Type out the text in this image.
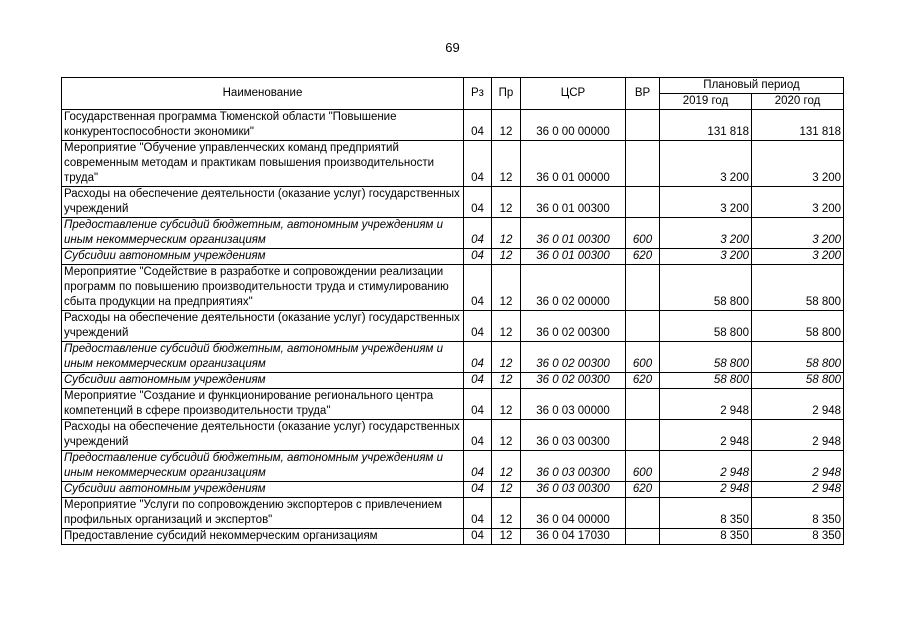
69
Наименование	Рз	Пр	ЦСР	ВР	Плановый период	
					2019 год	2020 год
Государственная программа Тюменской области "Повышение конкурентоспособности экономики"	04	12	36 0 00 00000		131 818	131 818
Мероприятие "Обучение управленческих команд предприятий современным методам и практикам повышения производительности труда"	04	12	36 0 01 00000		3 200	3 200
Расходы на обеспечение деятельности (оказание услуг) государственных учреждений	04	12	36 0 01 00300		3 200	3 200
Предоставление субсидий бюджетным, автономным учреждениям и иным некоммерческим организациям	04	12	36 0 01 00300	600	3 200	3 200
Субсидии автономным учреждениям	04	12	36 0 01 00300	620	3 200	3 200
Мероприятие "Содействие в разработке и сопровождении реализации программ по повышению производительности труда и стимулированию сбыта продукции на предприятиях"	04	12	36 0 02 00000		58 800	58 800
Расходы на обеспечение деятельности (оказание услуг) государственных учреждений	04	12	36 0 02 00300		58 800	58 800
Предоставление субсидий бюджетным, автономным учреждениям и иным некоммерческим организациям	04	12	36 0 02 00300	600	58 800	58 800
Субсидии автономным учреждениям	04	12	36 0 02 00300	620	58 800	58 800
Мероприятие "Создание и функционирование регионального центра компетенций в сфере производительности труда"	04	12	36 0 03 00000		2 948	2 948
Расходы на обеспечение деятельности (оказание услуг) государственных учреждений	04	12	36 0 03 00300		2 948	2 948
Предоставление субсидий бюджетным, автономным учреждениям и иным некоммерческим организациям	04	12	36 0 03 00300	600	2 948	2 948
Субсидии автономным учреждениям	04	12	36 0 03 00300	620	2 948	2 948
Мероприятие "Услуги по сопровождению экспортеров с привлечением профильных организаций и экспертов"	04	12	36 0 04 00000		8 350	8 350
Предоставление субсидий некоммерческим организациям	04	12	36 0 04 17030		8 350	8 350
